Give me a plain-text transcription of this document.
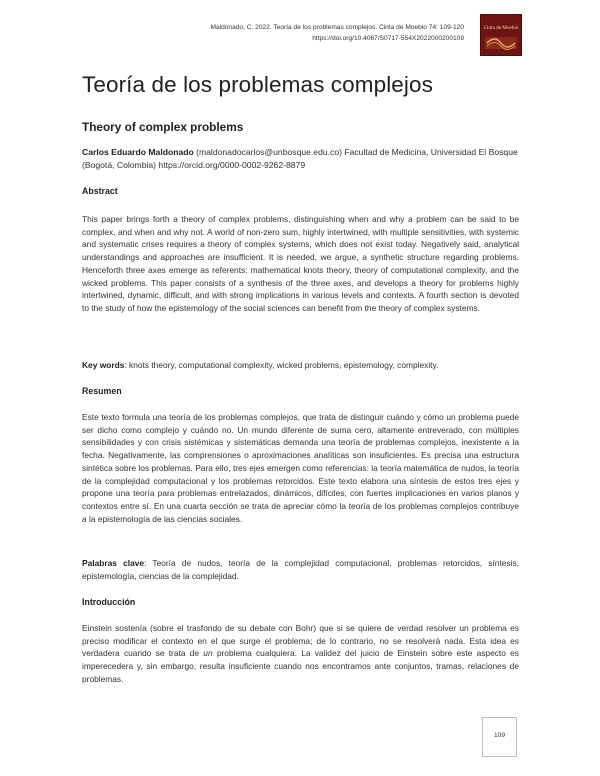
Maldonado, C. 2022. Teoría de los problemas complejos. Cinta de Moebio 74: 109-120
https://doi.org/10.4067/S0717-554X2022000200109
Cinta de Moebio
Teoría de los problemas complejos
Theory of complex problems

Carlos Eduardo Maldonado (maldonadocarlos@unbosque.edu.co) Facultad de Medicina, Universidad El Bosque (Bogotá, Colombia) https://orcid.org/0000-0002-9262-8879

Abstract

This paper brings forth a theory of complex problems, distinguishing when and why a problem can be said to be complex, and when and why not. A world of non-zero sum, highly intertwined, with multiple sensitivities, with systemic and systematic crises requires a theory of complex systems, which does not exist today. Negatively said, analytical understandings and approaches are insufficient. It is needed, we argue, a synthetic structure regarding problems. Henceforth three axes emerge as referents: mathematical knots theory, theory of computational complexity, and the wicked problems. This paper consists of a synthesis of the three axes, and develops a theory for problems highly intertwined, dynamic, difficult, and with strong implications in various levels and contexts. A fourth section is devoted to the study of how the epistemology of the social sciences can benefit from the theory of complex systems.

Key words: knots theory, computational complexity, wicked problems, epistemology, complexity.

Resumen

Este texto formula una teoría de los problemas complejos, que trata de distinguir cuándo y cómo un problema puede ser dicho como complejo y cuándo no. Un mundo diferente de suma cero, altamente entreverado, con múltiples sensibilidades y con crisis sistémicas y sistemáticas demanda una teoría de problemas complejos, inexistente a la fecha. Negativamente, las comprensiones o aproximaciones analíticas son insuficientes. Es precisa una estructura sintética sobre los problemas. Para ello, tres ejes emergen como referencias: la teoría matemática de nudos, la teoría de la complejidad computacional y los problemas retorcidos. Este texto elabora una síntesis de estos tres ejes y propone una teoría para problemas entrelazados, dinámicos, difíciles, con fuertes implicaciones en varios planos y contextos entre sí. En una cuarta sección se trata de apreciar cómo la teoría de los problemas complejos contribuye a la epistemología de las ciencias sociales.

Palabras clave: Teoría de nudos, teoría de la complejidad computacional, problemas retorcidos, síntesis, epistemología, ciencias de la complejidad.

Introducción

Einstein sostenía (sobre el trasfondo de su debate con Bohr) que si se quiere de verdad resolver un problema es preciso modificar el contexto en el que surge el problema; de lo contrario, no se resolverá nada. Esta idea es verdadera cuando se trata de un problema cualquiera. La validez del juicio de Einstein sobre este aspecto es imperecedera y, sin embargo, resulta insuficiente cuando nos encontramos ante conjuntos, tramas, relaciones de problemas.

109
